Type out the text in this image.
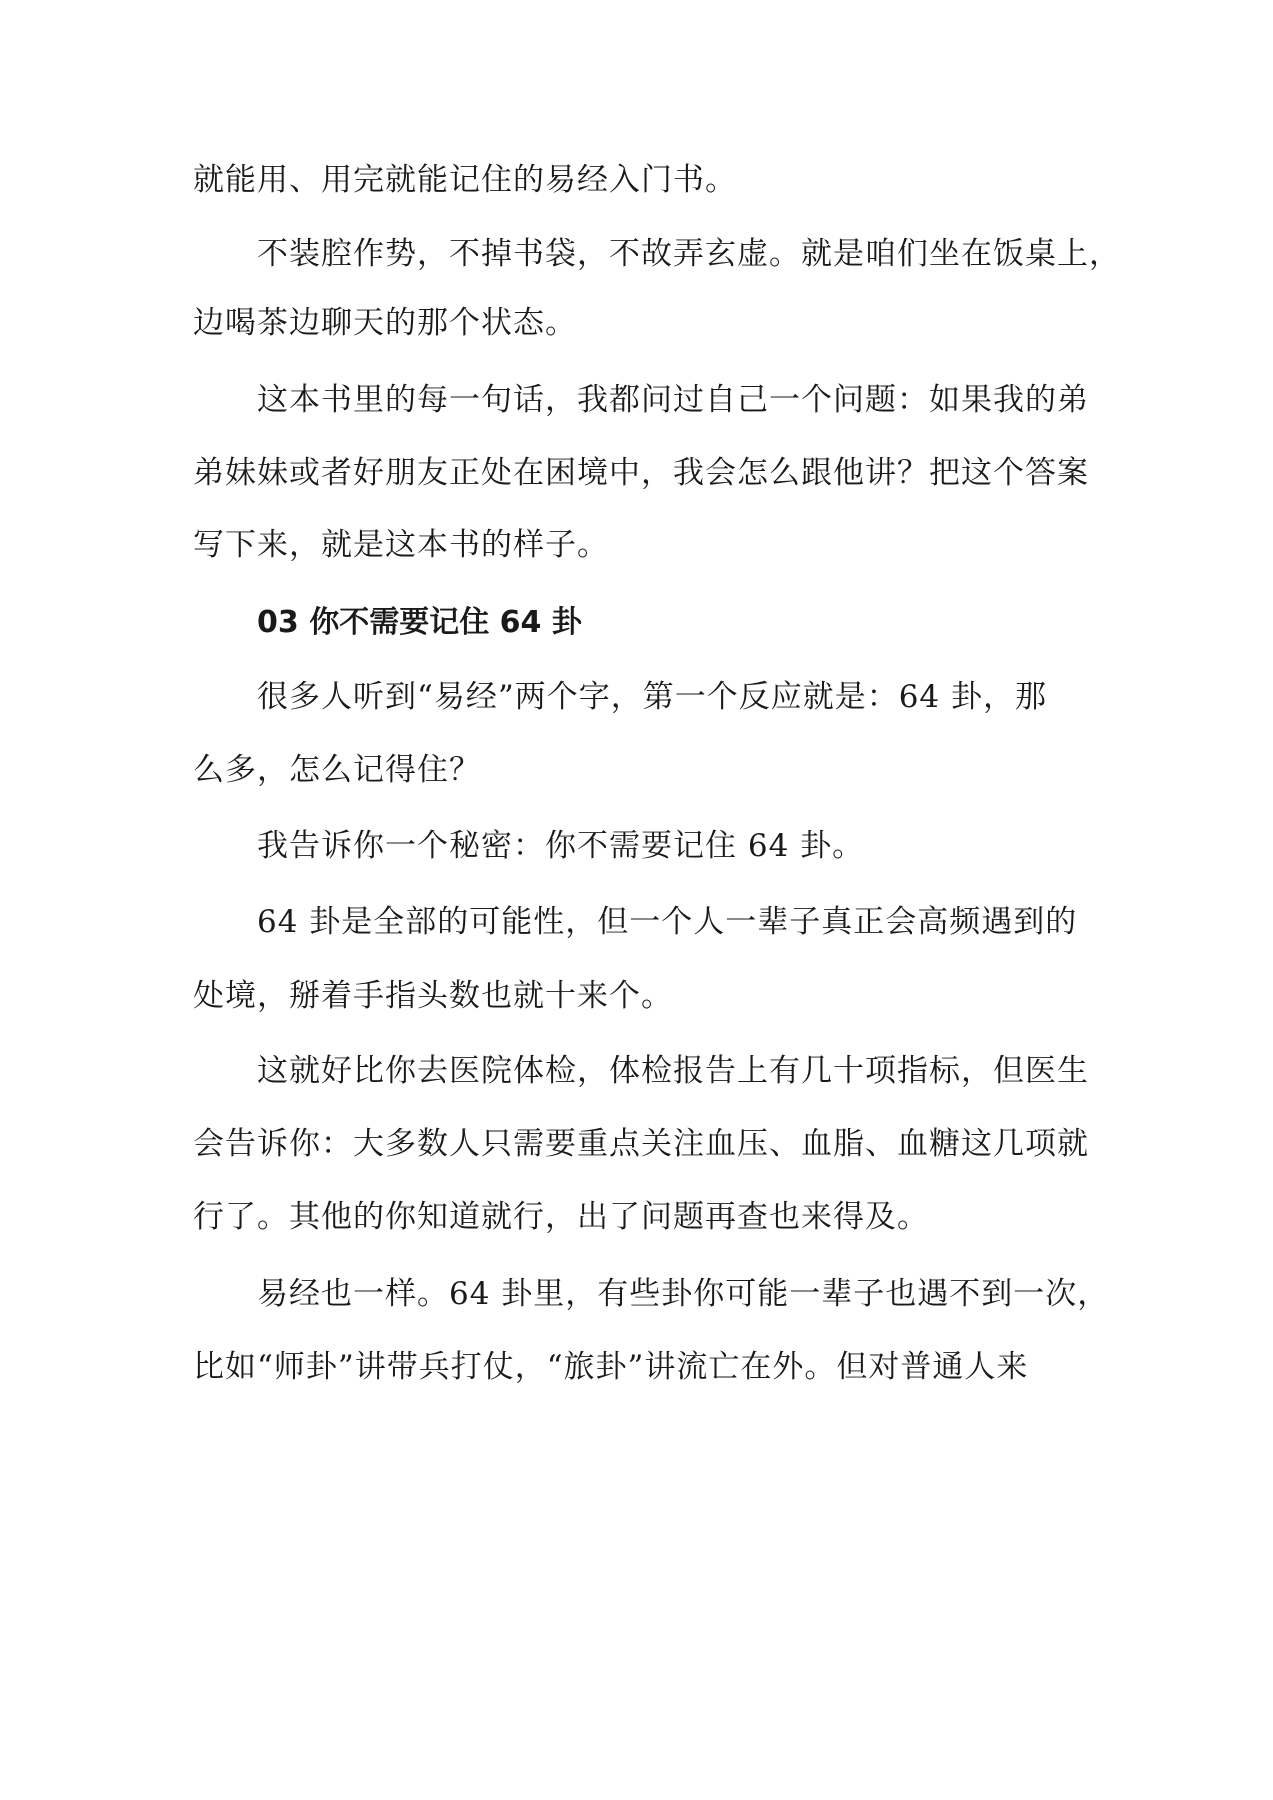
就能用、用完就能记住的易经入门书。
不装腔作势，不掉书袋，不故弄玄虚。就是咱们坐在饭桌上，
边喝茶边聊天的那个状态。
这本书里的每一句话，我都问过自己一个问题：如果我的弟
弟妹妹或者好朋友正处在困境中，我会怎么跟他讲？把这个答案
写下来，就是这本书的样子。
03 你不需要记住 64 卦
很多人听到“易经”两个字，第一个反应就是：64 卦，那
么多，怎么记得住？
我告诉你一个秘密：你不需要记住 64 卦。
64 卦是全部的可能性，但一个人一辈子真正会高频遇到的
处境，掰着手指头数也就十来个。
这就好比你去医院体检，体检报告上有几十项指标，但医生
会告诉你：大多数人只需要重点关注血压、血脂、血糖这几项就
行了。其他的你知道就行，出了问题再查也来得及。
易经也一样。64 卦里，有些卦你可能一辈子也遇不到一次，
比如“师卦”讲带兵打仗，“旅卦”讲流亡在外。但对普通人来
